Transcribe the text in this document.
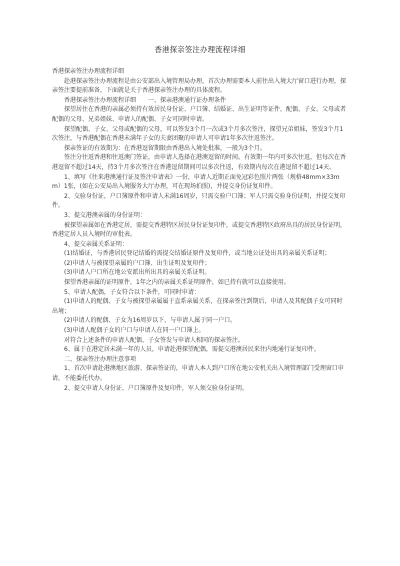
香港探亲签注办理流程详细

香港探亲签注办理流程详细

　　赴港探亲签注办理流程是由公安部出入境管理局办理，首次办理需要本人前往出入境大厅窗口进行办理，探亲签注要提前准备，下面就是关于香港探亲签注办理的具体流程。

　　香港探亲签注办理流程详细　　一、探亲港澳通行证办理条件

　　探望居住在香港的亲属必须持有效居民身份证、户口簿、结婚证、出生证明等证件，配偶、子女、父母或者配偶的父母、兄弟姐妹、申请人的配偶、子女可同时申请。

　　探望配偶、子女、父母或配偶的父母，可以签发3个月一次或3个月多次签注，探望兄弟姐妹，签发3个月1次签注，与香港配偶在香港未满年子女的夫妻团聚的申请人可申请1年多次往返签注。

　　探亲签证的有效期为：在香港逗留期限由香港出入境处批准，一般为3个月。

　　签注分往返香港和往返澳门签证，由申请人选择在港澳逗留的时间。有效期一年内可多次往返，但每次在香港逗留不超过14天，持3个月多次签注在香港逗留期间可以多次往返，有效期内每次在港逗留不超过14天。

　　1、填写《往来港澳通行证及签注申请表》一份，申请人近期正面免冠彩色照片两张（规格48mm×33mm）1张，(如在公安局出入境服务大厅办理，可在现场拍照)，并提交身份证复印件。

　　2、交验身份证，户口簿原件和申请人未满16周岁，只需交验户口簿；军人只需交验身份证明，并提交复印件。

　　3、提交港澳亲属的身份证明：

　　被探望亲属如在香港定居，需提交香港特区居民身份证复印件，或提交香港特区政府出具的居民身份证明，香港定居人员入境时的审批表。

　　4、提交亲属关系证明：

　　(1)结婚证，与香港居民登记结婚的需提交结婚证原件及复印件，或当地公证处出具的亲属关系证明；

　　(2)申请人与被探望亲属的户口簿、出生证明及复印件；

　　(3)申请人户口所在地公安派出所出具的亲属关系证明。

　　探望香港亲属的证明原件，1年之内的亲属关系证明原件，如已持有就可以直接使用。

　　5、申请人配偶，子女符合以下条件，可同时申请：

　　(1)申请人的配偶、子女与被探望亲属属于直系亲属关系，在探亲签注到期后，申请人及其配偶子女可同时出境；

　　(2)申请人的配偶、子女为16周岁以下，与申请人属于同一户口。

　　(3)申请人配偶子女的户口与申请人在同一户口簿上。

　　对符合上述条件的申请人配偶、子女签发与申请人相同的探亲签注。

　　6、属于在港定居未满一年的人员，申请赴港探望配偶，需提交港澳居民来往内地通行证复印件。

　　二、探亲签注办理注意事项

　　1、首次申请赴港澳地区旅游、探亲签证的，申请人本人到户口所在地公安机关出入境管理部门受理窗口申请，不能委托代办。

　　2、提交申请人身份证、户口簿原件及复印件，军人须交验身份证明。
